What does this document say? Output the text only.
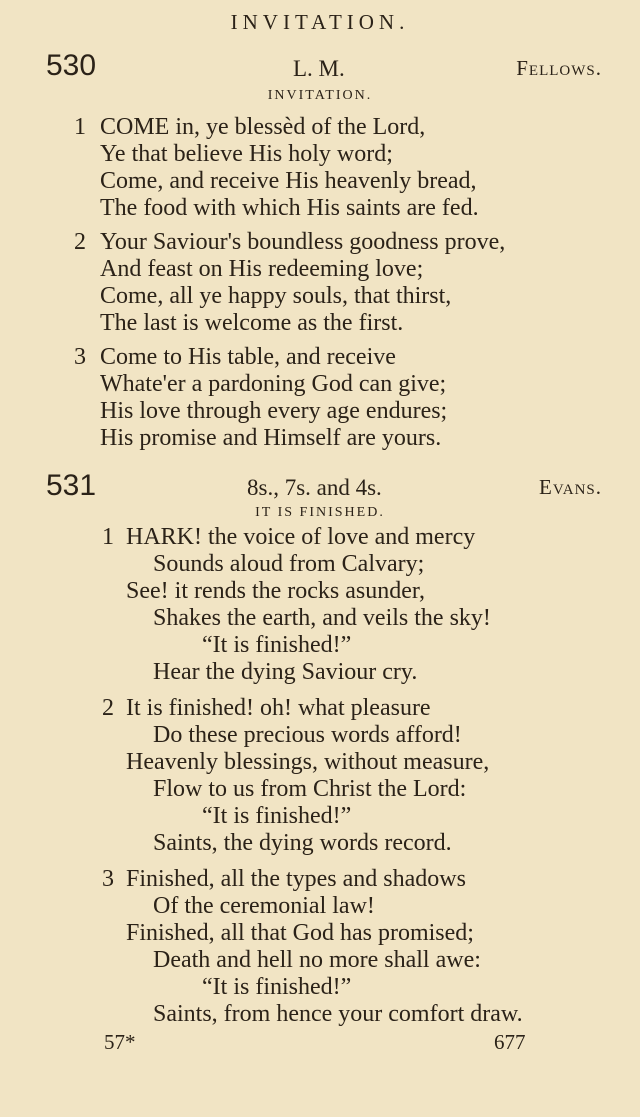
INVITATION.
530	L. M.	Fellows.
INVITATION.
1 COME in, ye blessèd of the Lord,
Ye that believe His holy word;
Come, and receive His heavenly bread,
The food with which His saints are fed.
2 Your Saviour's boundless goodness prove,
And feast on His redeeming love;
Come, all ye happy souls, that thirst,
The last is welcome as the first.
3 Come to His table, and receive
Whate'er a pardoning God can give;
His love through every age endures;
His promise and Himself are yours.
531	8s., 7s. and 4s.	Evans.
IT IS FINISHED.
1 HARK! the voice of love and mercy
Sounds aloud from Calvary;
See! it rends the rocks asunder,
Shakes the earth, and veils the sky!
“It is finished!”
Hear the dying Saviour cry.
2 It is finished! oh! what pleasure
Do these precious words afford!
Heavenly blessings, without measure,
Flow to us from Christ the Lord:
“It is finished!”
Saints, the dying words record.
3 Finished, all the types and shadows
Of the ceremonial law!
Finished, all that God has promised;
Death and hell no more shall awe:
“It is finished!”
Saints, from hence your comfort draw.
57*	677
